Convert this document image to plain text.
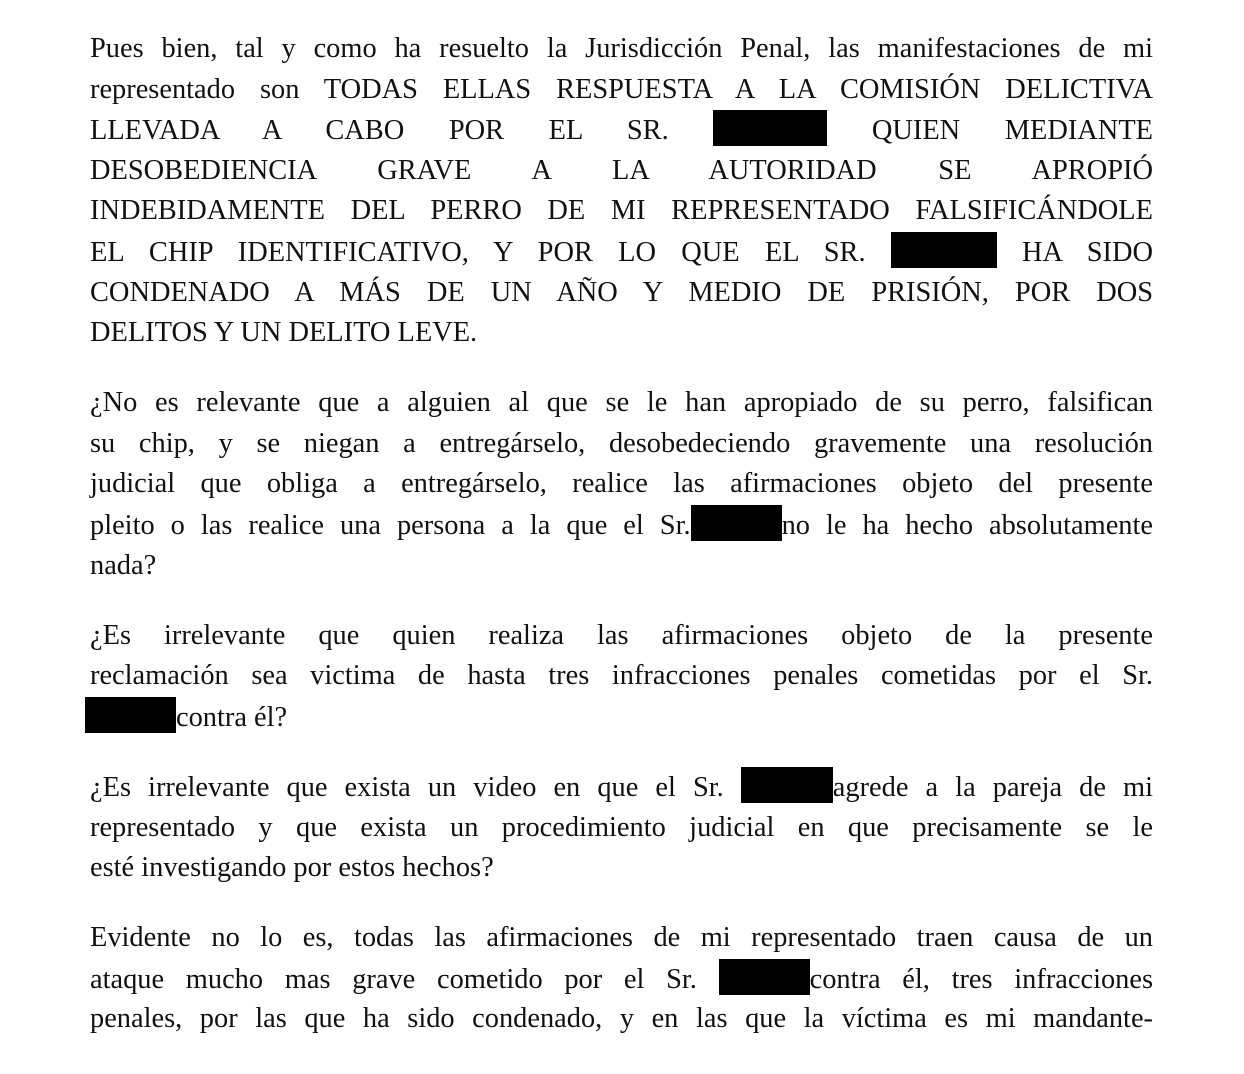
Pues bien, tal y como ha resuelto la Jurisdicción Penal, las manifestaciones de mi
representado son TODAS ELLAS RESPUESTA A LA COMISIÓN DELICTIVA
LLEVADA A CABO POR EL SR.	QUIEN MEDIANTE
DESOBEDIENCIA GRAVE A LA AUTORIDAD SE APROPIÓ
INDEBIDAMENTE DEL PERRO DE MI REPRESENTADO FALSIFICÁNDOLE
EL CHIP IDENTIFICATIVO, Y POR LO QUE EL SR.	HA SIDO
CONDENADO A MÁS DE UN AÑO Y MEDIO DE PRISIÓN, POR DOS
DELITOS Y UN DELITO LEVE.

¿No es relevante que a alguien al que se le han apropiado de su perro, falsifican
su chip, y se niegan a entregárselo, desobedeciendo gravemente una resolución
judicial que obliga a entregárselo, realice las afirmaciones objeto del presente
pleito o las realice una persona a la que el Sr.	no le ha hecho absolutamente
nada?

¿Es irrelevante que quien realiza las afirmaciones objeto de la presente
reclamación sea victima de hasta tres infracciones penales cometidas por el Sr.
contra él?

¿Es irrelevante que exista un video en que el Sr.	agrede a la pareja de mi
representado y que exista un procedimiento judicial en que precisamente se le
esté investigando por estos hechos?

Evidente no lo es, todas las afirmaciones de mi representado traen causa de un
ataque mucho mas grave cometido por el Sr.	contra él, tres infracciones
penales, por las que ha sido condenado, y en las que la víctima es mi mandante-
